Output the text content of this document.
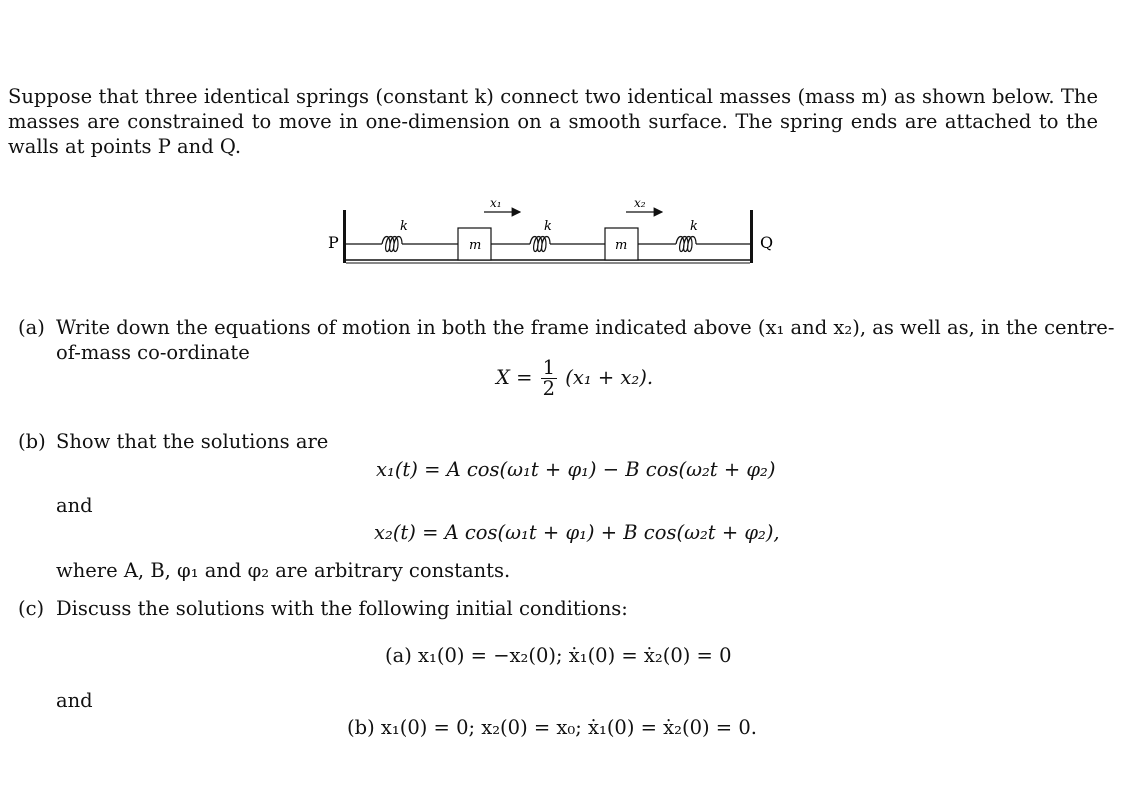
Suppose that three identical springs (constant k) connect two identical masses (mass m) as shown below. The masses are constrained to move in one-dimension on a smooth surface. The spring ends are attached to the walls at points P and Q.

P	Q
k
m
x₁
k
m
x₂
k
(a) Write down the equations of motion in both the frame indicated above (x₁ and x₂), as well as, in the centre-
of-mass co-ordinate
$X = \frac{1}{2} (x_1 + x_2)$.
(b) Show that the solutions are
x₁(t) = A cos(ω₁t + φ₁) − B cos(ω₂t + φ₂)
and
x₂(t) = A cos(ω₁t + φ₁) + B cos(ω₂t + φ₂),
where A, B, φ₁ and φ₂ are arbitrary constants.
(c) Discuss the solutions with the following initial conditions:
(a) x₁(0) = −x₂(0); ẋ₁(0) = ẋ₂(0) = 0
and
(b) x₁(0) = 0; x₂(0) = x₀; ẋ₁(0) = ẋ₂(0) = 0.
